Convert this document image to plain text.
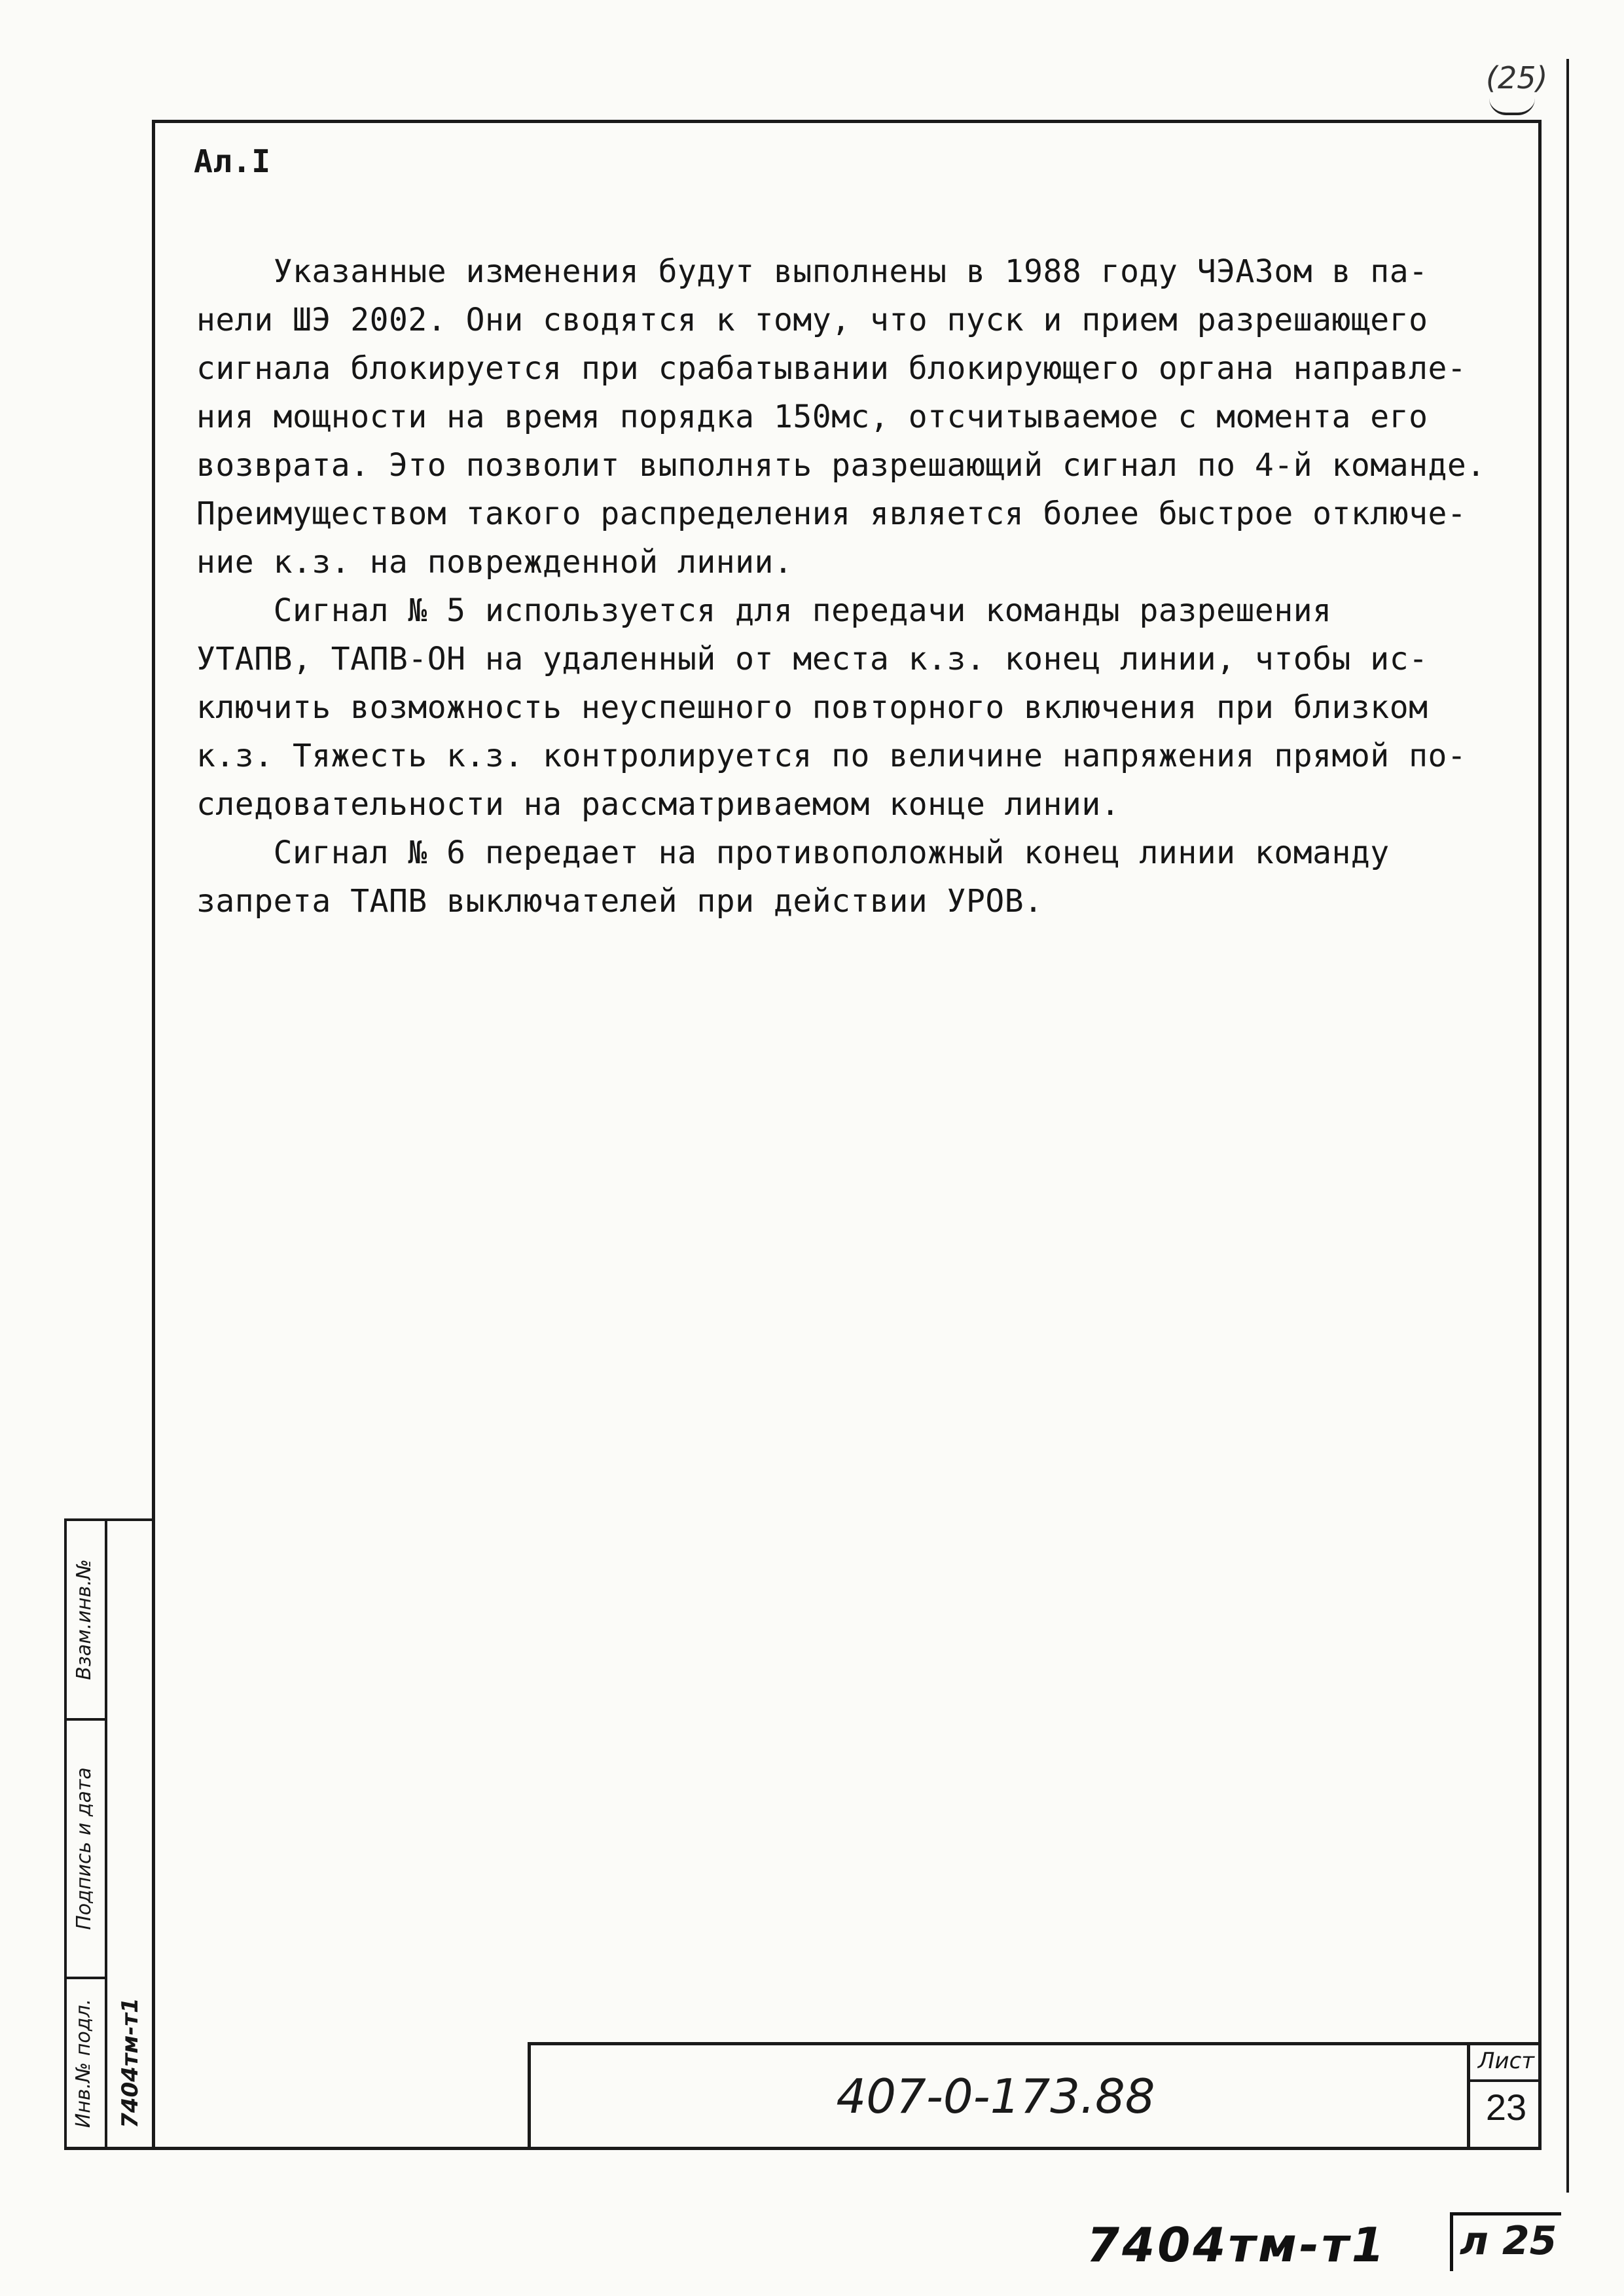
(25)
Взам.инв.№
Подпись и дата
Инв.№ подл. 7404тм-т1
Ал.I
Указанные изменения будут выполнены в 1988 году ЧЭАЗом в па-
нели ШЭ 2002. Они сводятся к тому, что пуск и прием разрешающего
сигнала блокируется при срабатывании блокирующего органа направле-
ния мощности на время порядка 150мс, отсчитываемое с момента его
возврата. Это позволит выполнять разрешающий сигнал по 4-й команде.
Преимуществом такого распределения является более быстрое отключе-
ние к.з. на поврежденной линии.
Сигнал № 5 используется для передачи команды разрешения
УТАПВ, ТАПВ-ОН на удаленный от места к.з. конец линии, чтобы ис-
ключить возможность неуспешного повторного включения при близком
к.з. Тяжесть к.з. контролируется по величине напряжения прямой по-
следовательности на рассматриваемом конце линии.
Сигнал № 6 передает на противоположный конец линии команду
запрета ТАПВ выключателей при действии УРОВ.
407-0-173.88
Лист
23
7404тм-т1 л 25
